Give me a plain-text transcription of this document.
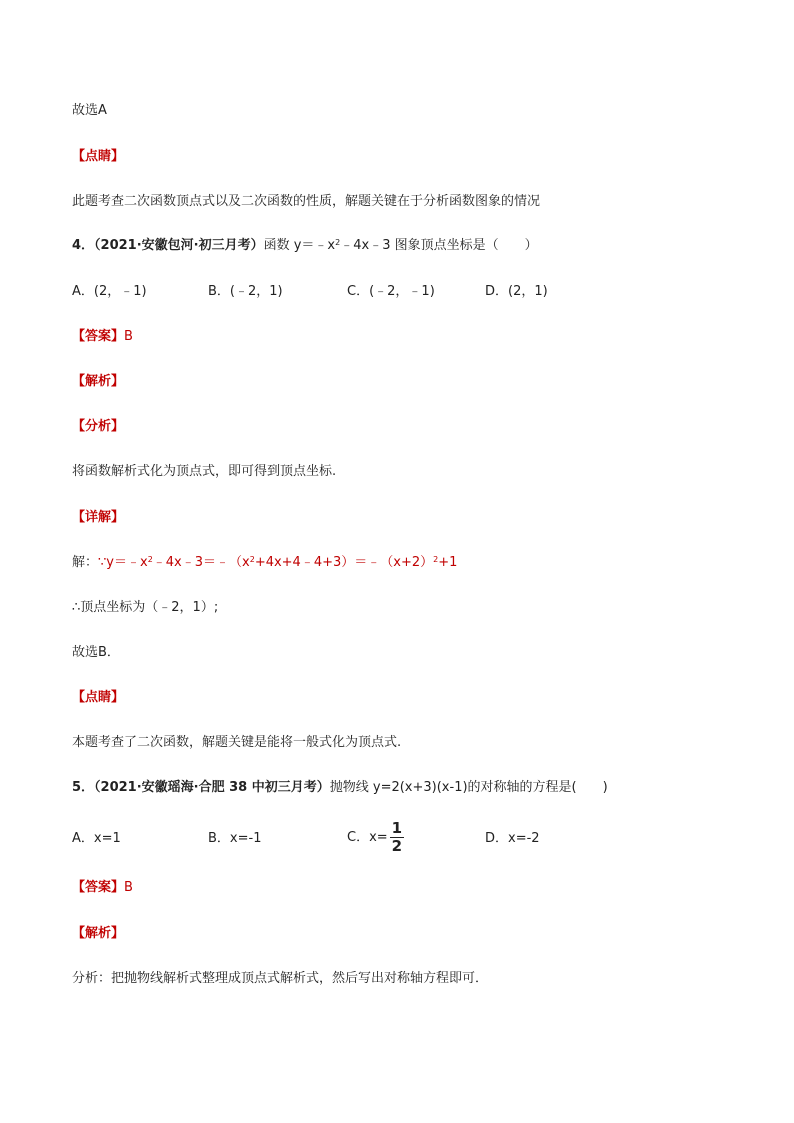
故选A
【点睛】
此题考查二次函数顶点式以及二次函数的性质，解题关键在于分析函数图象的情况
4．（2021·安徽包河·初三月考）函数 $y=﹣x^2﹣4x﹣3$ 图象顶点坐标是（　　）
A．(2，﹣1)	B．(﹣2，1)	C．(﹣2，﹣1)	D．(2，1)
【答案】B
【解析】
【分析】
将函数解析式化为顶点式，即可得到顶点坐标.
【详解】
解：$\because y=﹣x^2﹣4x﹣3=﹣(x^2+4x+4﹣4+3)=﹣(x+2)^2+1$
∴顶点坐标为（﹣2，1）;
故选B．
【点睛】
本题考查了二次函数，解题关键是能将一般式化为顶点式.
5．（2021·安徽瑶海·合肥 38 中初三月考）抛物线 y=2(x+3)(x-1)的对称轴的方程是(　　)
A．x=1	B．x=-1	C．$x= \frac{1}{2}$	D．x=-2
【答案】B
【解析】
分析：把抛物线解析式整理成顶点式解析式，然后写出对称轴方程即可．
